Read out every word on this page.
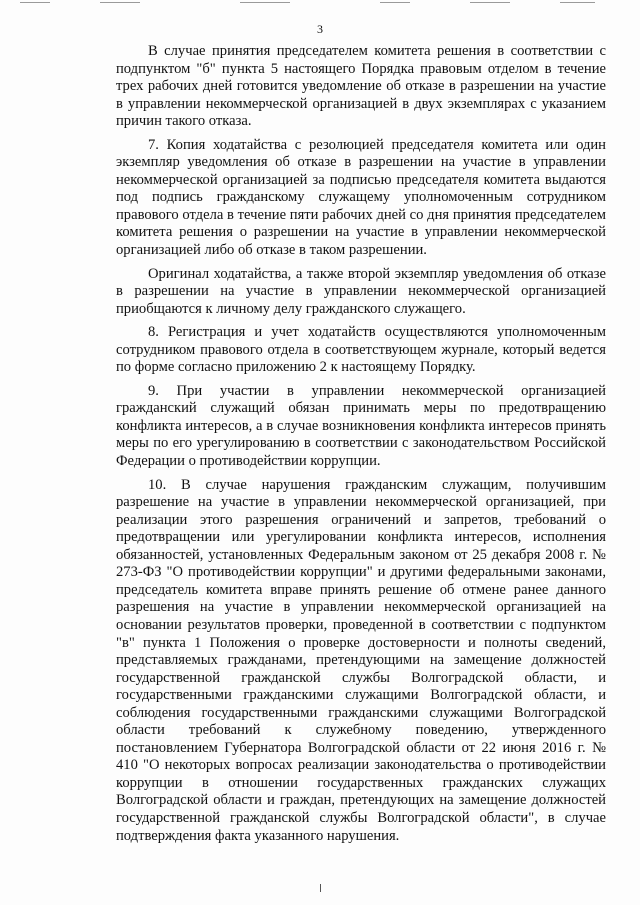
3

В случае принятия председателем комитета решения в соответствии с подпунктом "б" пункта 5 настоящего Порядка правовым отделом в течение трех рабочих дней готовится уведомление об отказе в разрешении на участие в управлении некоммерческой организацией в двух экземплярах с указанием причин такого отказа.

7. Копия ходатайства с резолюцией председателя комитета или один экземпляр уведомления об отказе в разрешении на участие в управлении некоммерческой организацией за подписью председателя комитета выдаются под подпись гражданскому служащему уполномоченным сотрудником правового отдела в течение пяти рабочих дней со дня принятия председателем комитета решения о разрешении на участие в управлении некоммерческой организацией либо об отказе в таком разрешении.

Оригинал ходатайства, а также второй экземпляр уведомления об отказе в разрешении на участие в управлении некоммерческой организацией приобщаются к личному делу гражданского служащего.

8. Регистрация и учет ходатайств осуществляются уполномоченным сотрудником правового отдела в соответствующем журнале, который ведется по форме согласно приложению 2 к настоящему Порядку.

9. При участии в управлении некоммерческой организацией гражданский служащий обязан принимать меры по предотвращению конфликта интересов, а в случае возникновения конфликта интересов принять меры по его урегулированию в соответствии с законодательством Российской Федерации о противодействии коррупции.

10. В случае нарушения гражданским служащим, получившим разрешение на участие в управлении некоммерческой организацией, при реализации этого разрешения ограничений и запретов, требований о предотвращении или урегулировании конфликта интересов, исполнения обязанностей, установленных Федеральным законом от 25 декабря 2008 г. № 273-ФЗ "О противодействии коррупции" и другими федеральными законами, председатель комитета вправе принять решение об отмене ранее данного разрешения на участие в управлении некоммерческой организацией на основании результатов проверки, проведенной в соответствии с подпунктом "в" пункта 1 Положения о проверке достоверности и полноты сведений, представляемых гражданами, претендующими на замещение должностей государственной гражданской службы Волгоградской области, и государственными гражданскими служащими Волгоградской области, и соблюдения государственными гражданскими служащими Волгоградской области требований к служебному поведению, утвержденного постановлением Губернатора Волгоградской области от 22 июня 2016 г. № 410 "О некоторых вопросах реализации законодательства о противодействии коррупции в отношении государственных гражданских служащих Волгоградской области и граждан, претендующих на замещение должностей государственной гражданской службы Волгоградской области", в случае подтверждения факта указанного нарушения.
